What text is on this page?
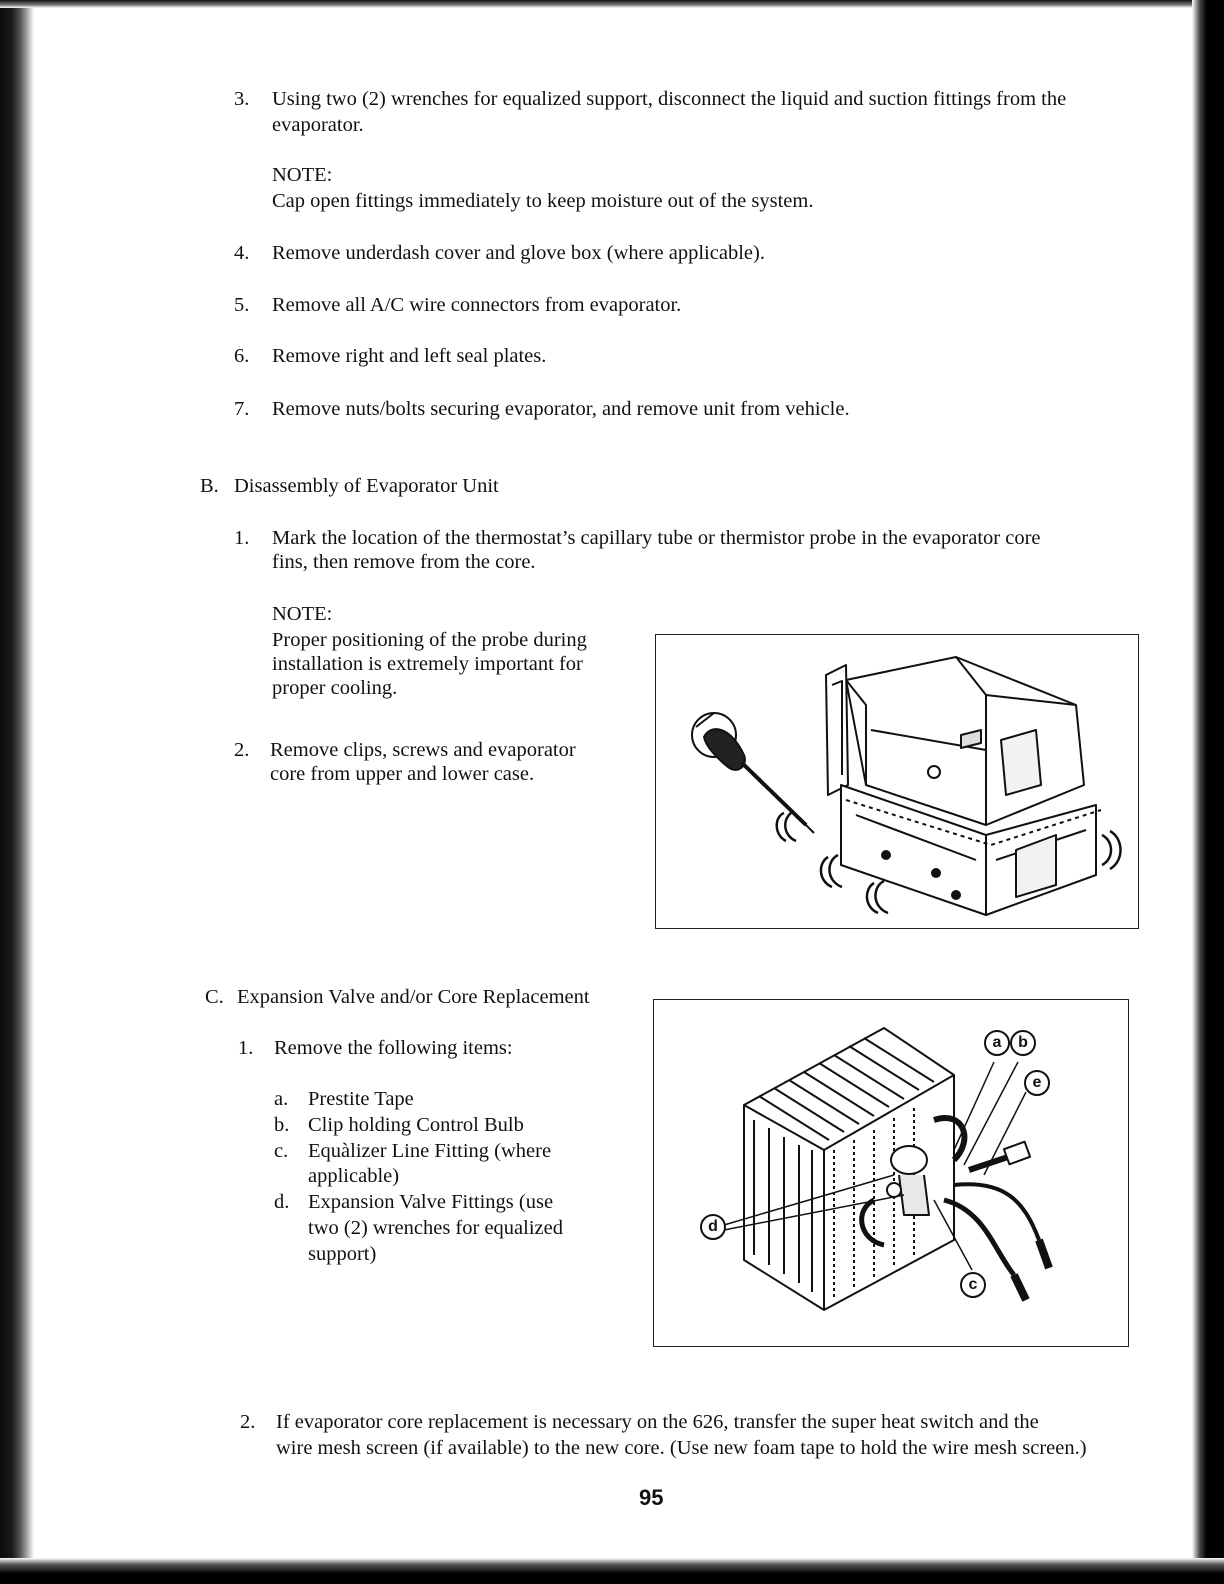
3. Using two (2) wrenches for equalized support, disconnect the liquid and suction fittings from the
evaporator.
NOTE:
Cap open fittings immediately to keep moisture out of the system.
4. Remove underdash cover and glove box (where applicable).
5. Remove all A/C wire connectors from evaporator.
6. Remove right and left seal plates.
7. Remove nuts/bolts securing evaporator, and remove unit from vehicle.
B. Disassembly of Evaporator Unit
1. Mark the location of the thermostat’s capillary tube or thermistor probe in the evaporator core
fins, then remove from the core.
NOTE:
Proper positioning of the probe during
installation is extremely important for
proper cooling.
2. Remove clips, screws and evaporator
core from upper and lower case.
C. Expansion Valve and/or Core Replacement
1. Remove the following items:
a. Prestite Tape
b. Clip holding Control Bulb
c. Equàlizer Line Fitting (where
applicable)
d. Expansion Valve Fittings (use
two (2) wrenches for equalized
support)
a	b
e
d
c
2. If evaporator core replacement is necessary on the 626, transfer the super heat switch and the
wire mesh screen (if available) to the new core. (Use new foam tape to hold the wire mesh screen.)
95
